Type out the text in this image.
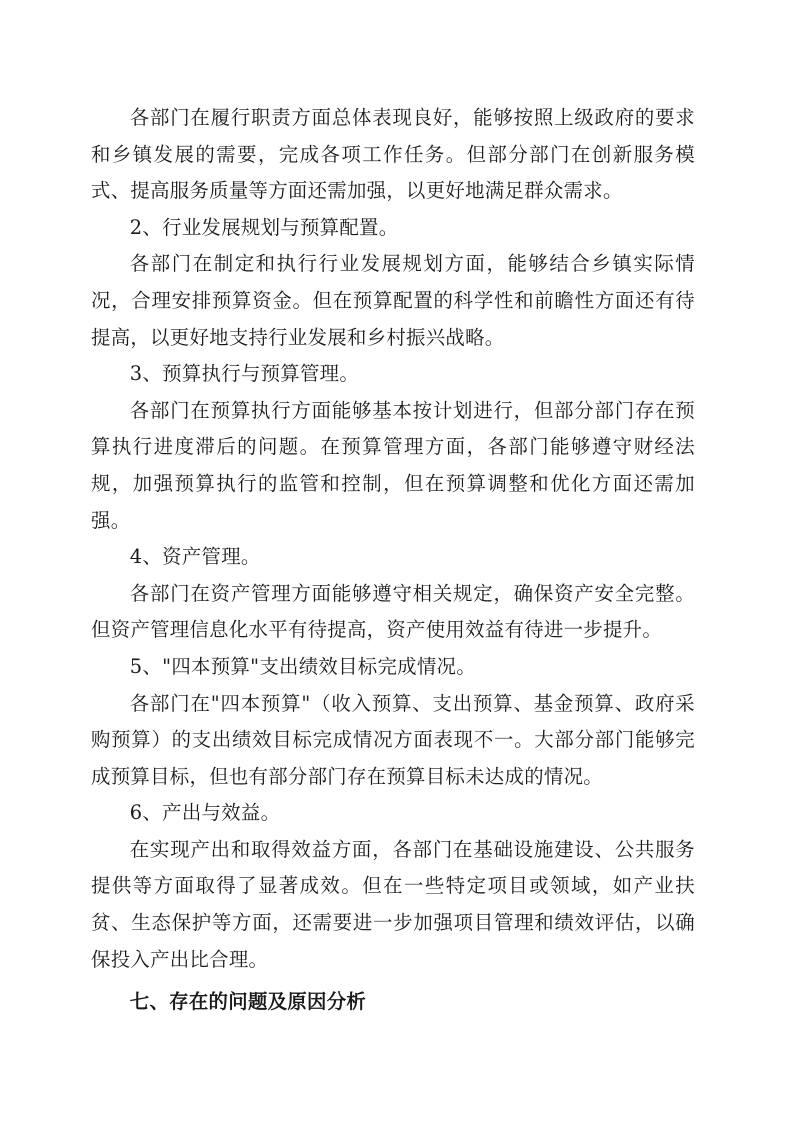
各部门在履行职责方面总体表现良好，能够按照上级政府的要求和乡镇发展的需要，完成各项工作任务。但部分部门在创新服务模式、提高服务质量等方面还需加强，以更好地满足群众需求。

2、行业发展规划与预算配置。

各部门在制定和执行行业发展规划方面，能够结合乡镇实际情况，合理安排预算资金。但在预算配置的科学性和前瞻性方面还有待提高，以更好地支持行业发展和乡村振兴战略。

3、预算执行与预算管理。

各部门在预算执行方面能够基本按计划进行，但部分部门存在预算执行进度滞后的问题。在预算管理方面，各部门能够遵守财经法规，加强预算执行的监管和控制，但在预算调整和优化方面还需加强。

4、资产管理。

各部门在资产管理方面能够遵守相关规定，确保资产安全完整。但资产管理信息化水平有待提高，资产使用效益有待进一步提升。

5、"四本预算"支出绩效目标完成情况。

各部门在"四本预算"（收入预算、支出预算、基金预算、政府采购预算）的支出绩效目标完成情况方面表现不一。大部分部门能够完成预算目标，但也有部分部门存在预算目标未达成的情况。

6、产出与效益。

在实现产出和取得效益方面，各部门在基础设施建设、公共服务提供等方面取得了显著成效。但在一些特定项目或领域，如产业扶贫、生态保护等方面，还需要进一步加强项目管理和绩效评估，以确保投入产出比合理。

七、存在的问题及原因分析
